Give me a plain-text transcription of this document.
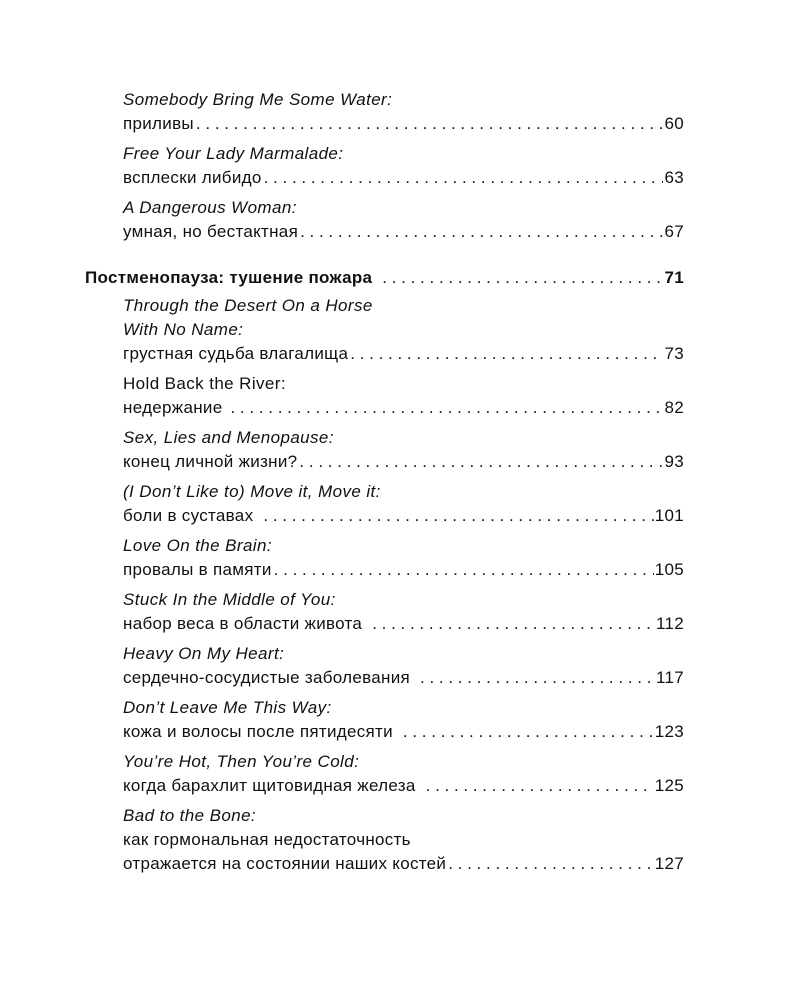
Somebody Bring Me Some Water:
приливы . . .	60
Free Your Lady Marmalade:
всплески либидо . . .	63
A Dangerous Woman:
умная, но бестактная . . .	67
Постменопауза: тушение пожара . . .	71
Through the Desert On a Horse
With No Name:
грустная судьба влагалища . . .	73
Hold Back the River:
недержание . . .	82
Sex, Lies and Menopause:
конец личной жизни? . . .	93
(I Don’t Like to) Move it, Move it:
боли в суставах . . .	101
Love On the Brain:
провалы в памяти . . .	105
Stuck In the Middle of You:
набор веса в области живота . . .	112
Heavy On My Heart:
сердечно-сосудистые заболевания . . .	117
Don’t Leave Me This Way:
кожа и волосы после пятидесяти . . .	123
You’re Hot, Then You’re Cold:
когда барахлит щитовидная железа . . .	125
Bad to the Bone:
как гормональная недостаточность
отражается на состоянии наших костей . . .	127
